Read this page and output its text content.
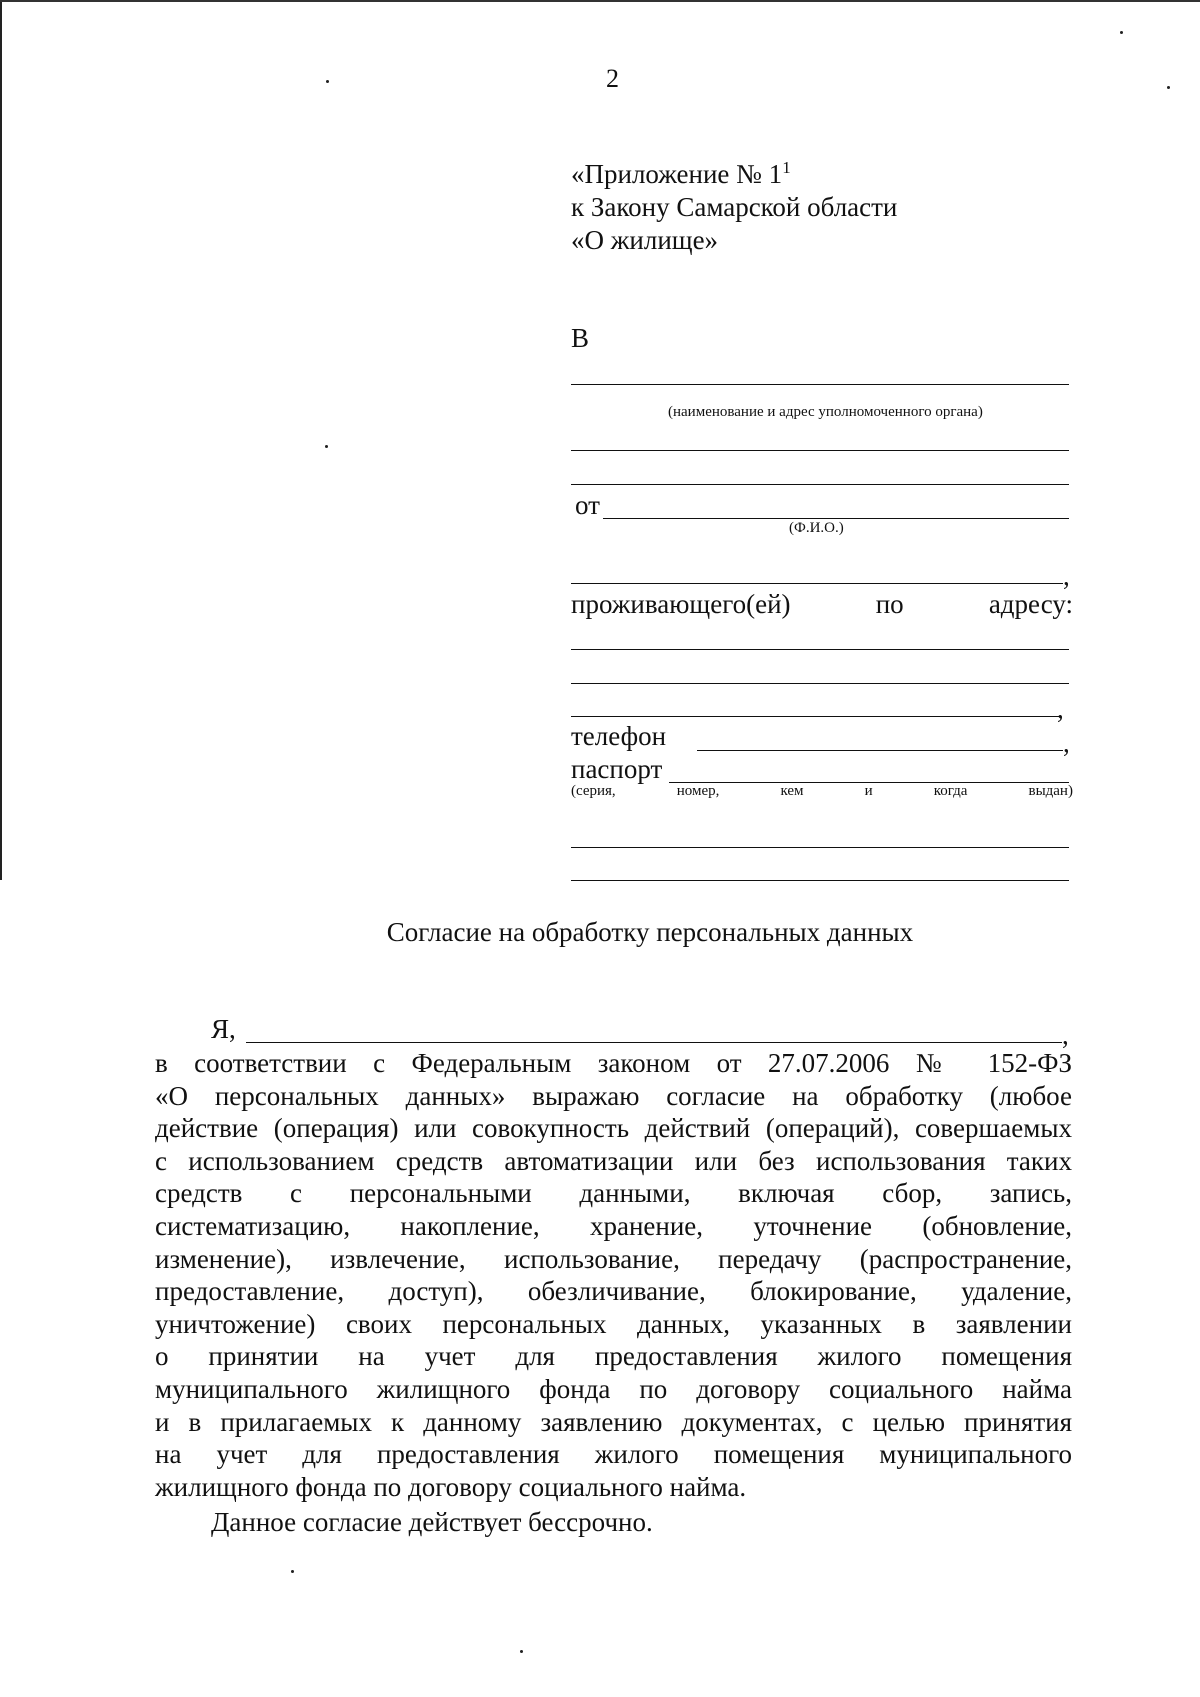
2
«Приложение № $1^1$
к Закону Самарской области
«О жилище»
В
(наименование и адрес уполномоченного органа)
от
(Ф.И.О.)
,
проживающего(ей)	по	адресу:
,
телефон	,
паспорт
(серия,	номер,	кем	и	когда	выдан)
Согласие на обработку персональных данных
Я,	,
в соответствии с Федеральным законом от 27.07.2006 № 152-ФЗ
«О персональных данных» выражаю согласие на обработку (любое
действие (операция) или совокупность действий (операций), совершаемых
с использованием средств автоматизации или без использования таких
средств с персональными данными, включая сбор, запись,
систематизацию, накопление, хранение, уточнение (обновление,
изменение), извлечение, использование, передачу (распространение,
предоставление, доступ), обезличивание, блокирование, удаление,
уничтожение) своих персональных данных, указанных в заявлении
о принятии на учет для предоставления жилого помещения
муниципального жилищного фонда по договору социального найма
и в прилагаемых к данному заявлению документах, с целью принятия
на учет для предоставления жилого помещения муниципального
жилищного фонда по договору социального найма.
Данное согласие действует бессрочно.
